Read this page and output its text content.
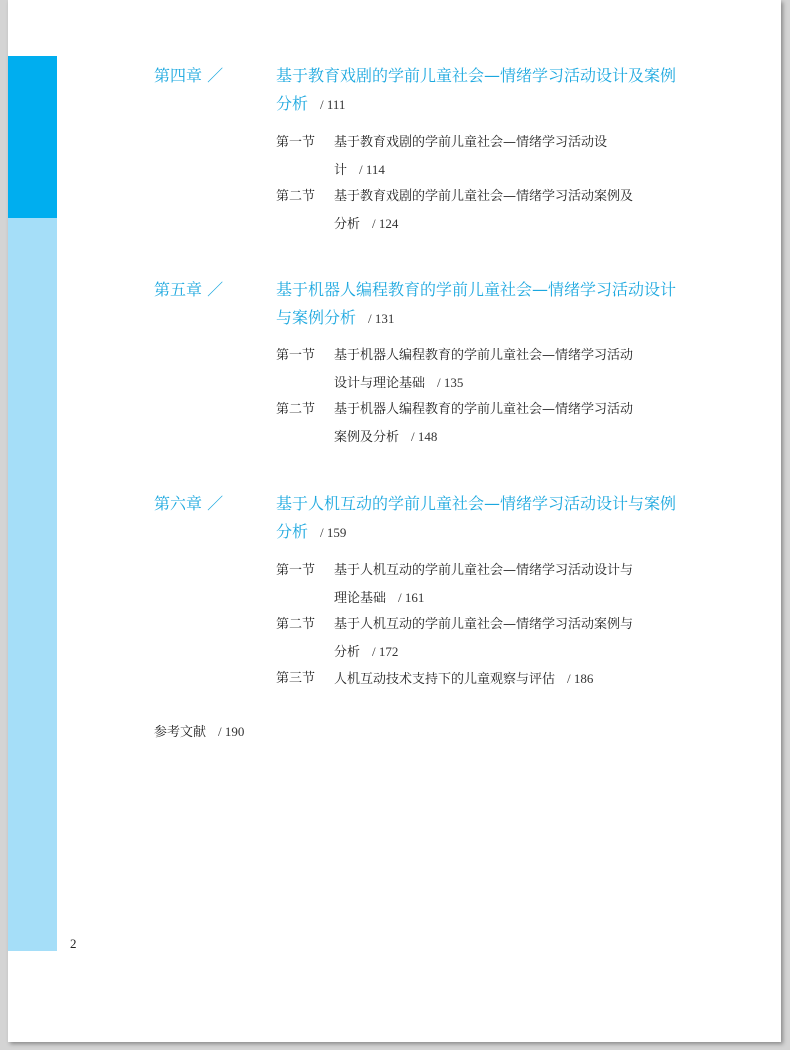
第四章 ／	基于教育戏剧的学前儿童社会—情绪学习活动设计及案例分析 / 111
第一节	基于教育戏剧的学前儿童社会—情绪学习活动设计 / 114
第二节	基于教育戏剧的学前儿童社会—情绪学习活动案例及分析 / 124
第五章 ／	基于机器人编程教育的学前儿童社会—情绪学习活动设计与案例分析 / 131
第一节	基于机器人编程教育的学前儿童社会—情绪学习活动设计与理论基础 / 135
第二节	基于机器人编程教育的学前儿童社会—情绪学习活动案例及分析 / 148
第六章 ／	基于人机互动的学前儿童社会—情绪学习活动设计与案例分析 / 159
第一节	基于人机互动的学前儿童社会—情绪学习活动设计与理论基础 / 161
第二节	基于人机互动的学前儿童社会—情绪学习活动案例与分析 / 172
第三节	人机互动技术支持下的儿童观察与评估 / 186
参考文献 / 190
2
